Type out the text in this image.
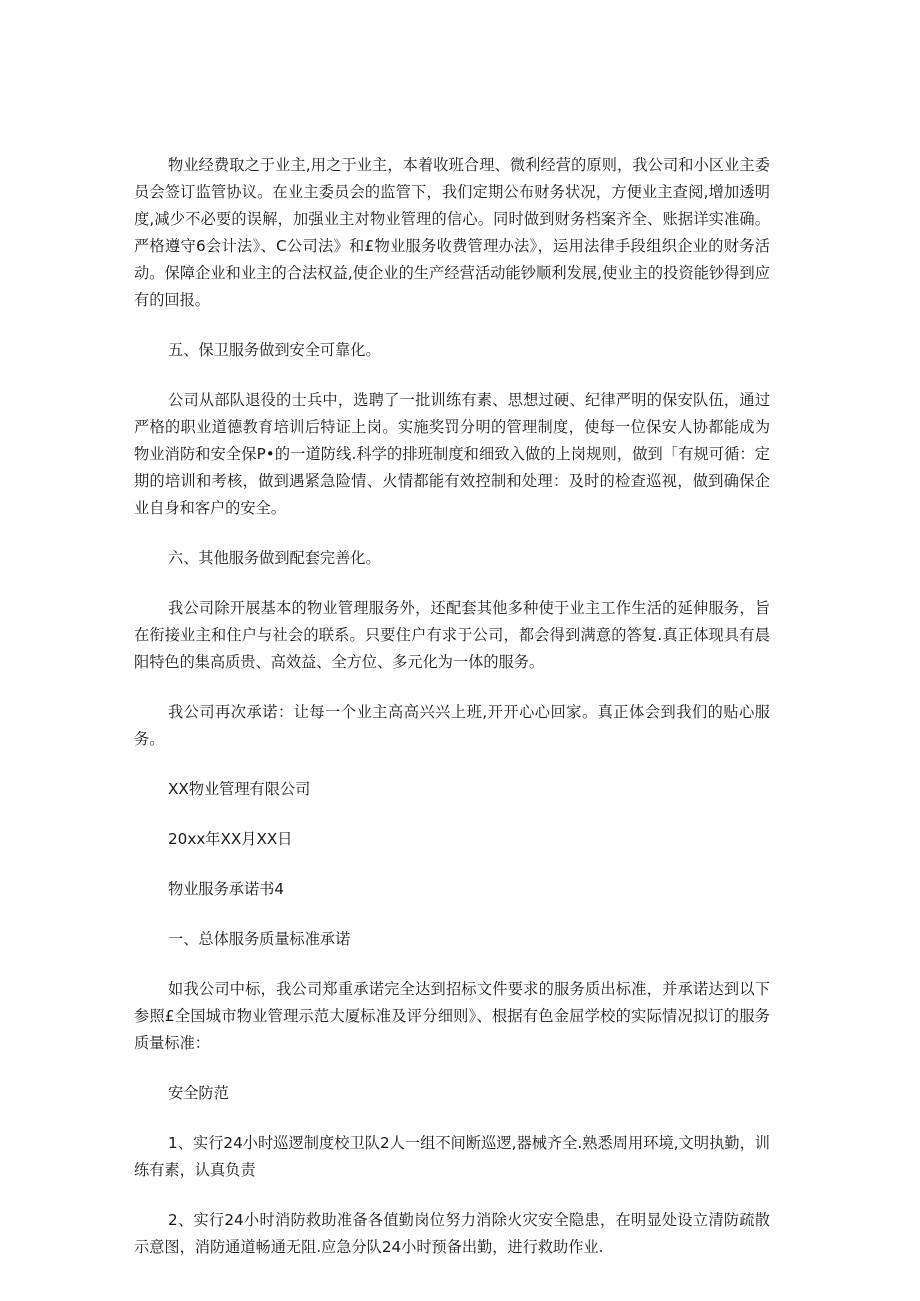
物业经费取之于业主,用之于业主，本着收班合理、微利经营的原则，我公司和小区业主委员会签订监管协议。在业主委员会的监管下，我们定期公布财务状况，方便业主查阅,增加透明度,减少不必要的误解，加强业主对物业管理的信心。同时做到财务档案齐全、账据详实准确。严格遵守6会计法》、C公司法》和£物业服务收费管理办法》，运用法律手段组织企业的财务活动。保障企业和业主的合法权益,使企业的生产经营活动能钞顺利发展,使业主的投资能钞得到应有的回报。

五、保卫服务做到安全可靠化。

公司从部队退役的士兵中，选聘了一批训练有素、思想过硬、纪律严明的保安队伍，通过严格的职业道德教育培训后特证上岗。实施奖罚分明的管理制度，使每一位保安人协都能成为物业消防和安全保P•的一道防线.科学的排班制度和细致入做的上岗规则，做到「有规可循：定期的培训和考核，做到遇紧急险情、火情都能有效控制和处理：及时的检查巡视，做到确保企业自身和客户的安全。

六、其他服务做到配套完善化。

我公司除开展基本的物业管理服务外，还配套其他多种使于业主工作生活的延伸服务，旨在衔接业主和住户与社会的联系。只要住户有求于公司，都会得到满意的答复.真正体现具有晨阳特色的集高质贵、高效益、全方位、多元化为一体的服务。

我公司再次承诺：让每一个业主高高兴兴上班,开开心心回家。真正体会到我们的贴心服务。

XX物业管理有限公司

20xx年XX月XX日

物业服务承诺书4

一、总体服务质量标准承诺

如我公司中标，我公司郑重承诺完全达到招标文件要求的服务质出标准，并承诺达到以下参照£全国城市物业管理示范大厦标准及评分细则》、根据有色金屈学校的实际情况拟订的服务质量标准：

安全防范

1、实行24小时巡逻制度校卫队2人一组不间断巡逻,器械齐全.熟悉周用环境,文明执勤，训练有素，认真负责

2、实行24小时消防救助准备各值勤岗位努力消除火灾安全隐患，在明显处设立清防疏散示意图，消防通道畅通无阻.应急分队24小时预备出勤，进行救助作业.
